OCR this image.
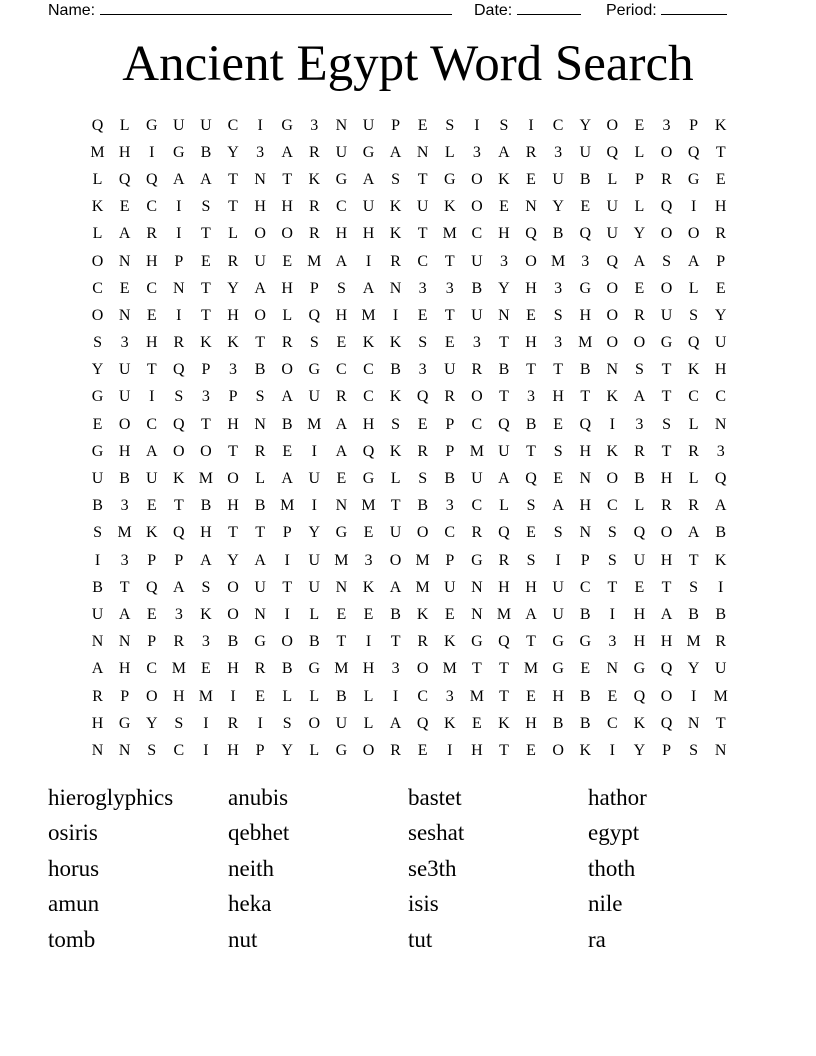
Name:	Date:	Period:
Ancient Egypt Word Search
Q	L	G U U C	I	G	3	N U	P	E	S	I	S	I	C Y O	E	3	P	K
M H	I	G B Y	3	A R U G A N	L	3	A R	3	U Q	L	O Q	T
L	Q Q A A	T	N	T	K G A	S	T	G O K	E	U B	L	P	R G	E
K	E	C	I	S	T	H H R	C U K U K O	E	N Y	E	U	L	Q	I	H
L	A R	I	T	L	O O R H H K	T M C H Q B Q U Y O O R
O N H	P	E	R U	E M A	I	R	C	T	U	3	O M 3	Q A	S	A	P
C	E	C N	T	Y A H	P	S	A N	3	3	B Y H	3	G O	E	O	L	E
O N	E	I	T	H O	L	Q H M	I	E	T	U N	E	S	H O R U	S	Y
S	3	H R K K	T	R	S	E	K K	S	E	3	T	H	3 M O O G Q U
Y U	T	Q	P	3	B O G C	C	B	3	U R	B	T	T	B N	S	T	K H
G U	I	S	3	P	S	A U R	C K Q R O	T	3	H	T	K A	T	C	C
E	O C Q	T	H N B M A H	S	E	P	C Q B	E	Q	I	3	S	L	N
G H A O O	T	R	E	I	A Q K R	P M U	T	S	H K R	T	R	3
U B U K M O	L	A U	E	G	L	S	B U A Q	E	N O B H	L	Q
B	3	E	T	B H B M	I	N M T	B	3	C	L	S	A H C	L	R	R A
S M K Q H	T	T	P	Y G	E	U O C	R Q	E	S	N	S	Q O A B
I	3	P	P	A Y A	I	U M 3	O M P	G R	S	I	P	S	U H	T	K
B	T	Q A	S	O U	T	U N K A M U N H H U C	T	E	T	S	I
U A	E	3	K O N	I	L	E	E	B K	E	N M A U B	I	H A B	B
N N	P	R	3	B G O B	T	I	T	R K G Q	T	G G	3	H H M R
A H C M E	H R	B G M H	3	O M T	T M G	E	N G Q Y U
R	P	O H M	I	E	L	L	B	L	I	C	3 M T	E	H B	E	Q O	I	M
H G Y	S	I	R	I	S	O U	L	A Q K	E	K H B	B	C K Q N	T
N N	S	C	I	H	P	Y	L	G O R	E	I	H	T	E	O K	I	Y	P	S	N
hieroglyphics	anubis	bastet	hathor
osiris	qebhet	seshat	egypt
horus	neith	se3th	thoth
amun	heka	isis	nile
tomb	nut	tut	ra
